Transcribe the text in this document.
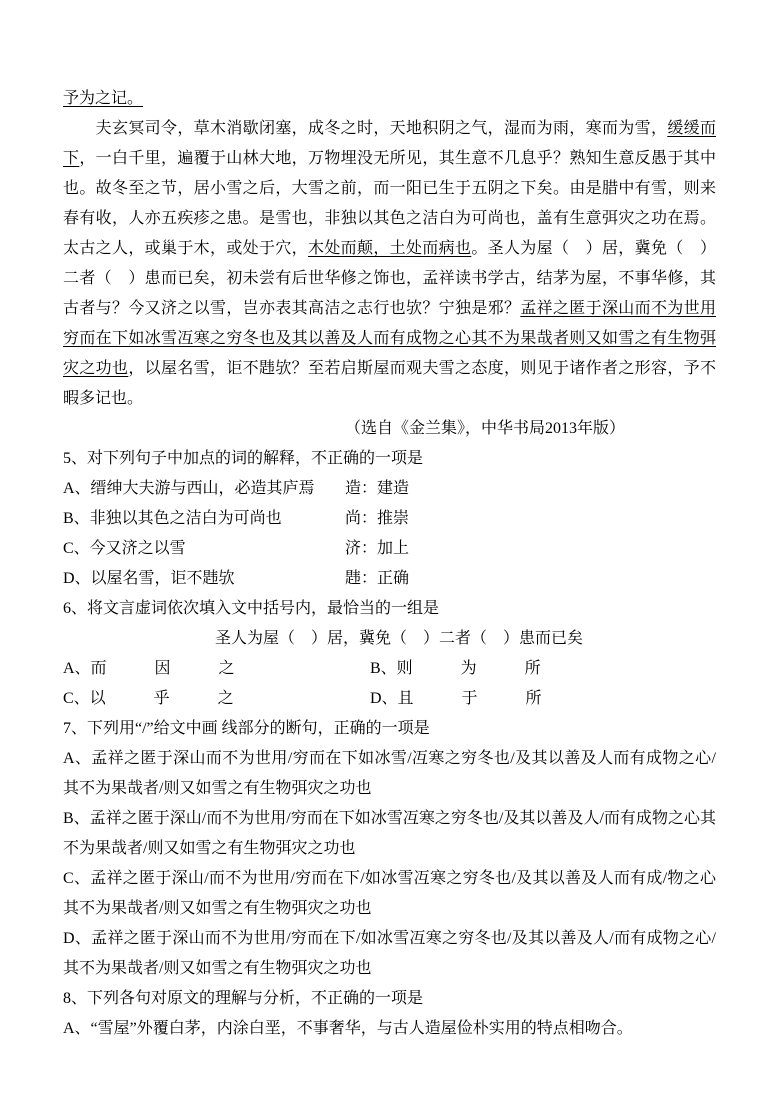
予为之记。

　　夫玄冥司令，草木消歇闭塞，成冬之时，天地积阴之气，湿而为雨，寒而为雪，缓缓而下，一白千里，遍覆于山林大地，万物埋没无所见，其生意不几息乎？熟知生意反愚于其中也。故冬至之节，居小雪之后，大雪之前，而一阳已生于五阴之下矣。由是腊中有雪，则来春有收，人亦五疾疹之患。是雪也，非独以其色之洁白为可尚也，盖有生意弭灾之功在焉。太古之人，或巢于木，或处于穴，木处而颠，土处而病也。圣人为屋（　）居，冀免（　）二者（　）患而已矣，初未尝有后世华修之饰也，孟祥读书学古，结茅为屋，不事华修，其古者与？今又济之以雪，岂亦表其高洁之志行也欤？宁独是邪？孟祥之匿于深山而不为世用穷而在下如冰雪冱寒之穷冬也及其以善及人而有成物之心其不为果哉者则又如雪之有生物弭灾之功也，以屋名雪，讵不韪欤？至若启斯屋而观夫雪之态度，则见于诸作者之形容，予不暇多记也。

（选自《金兰集》，中华书局2013年版）
5、对下列句子中加点的词的解释，不正确的一项是
A、缙绅大夫游与西山，必造其庐焉	造：建造
B、非独以其色之洁白为可尚也	尚：推崇
C、今又济之以雪	济：加上
D、以屋名雪，讵不韪欤	韪：正确
6、将文言虚词依次填入文中括号内，最恰当的一组是
圣人为屋（　）居，冀免（　）二者（　）患而已矣
A、而　　　因　　　之	B、则　　　为　　　所
C、以　　　乎　　　之	D、且　　　于　　　所
7、下列用“/”给文中画 线部分的断句，正确的一项是

A、孟祥之匿于深山而不为世用/穷而在下如冰雪/冱寒之穷冬也/及其以善及人而有成物之心/其不为果哉者/则又如雪之有生物弭灾之功也

B、孟祥之匿于深山/而不为世用/穷而在下如冰雪冱寒之穷冬也/及其以善及人/而有成物之心其不为果哉者/则又如雪之有生物弭灾之功也

C、孟祥之匿于深山/而不为世用/穷而在下/如冰雪冱寒之穷冬也/及其以善及人而有成/物之心其不为果哉者/则又如雪之有生物弭灾之功也

D、孟祥之匿于深山而不为世用/穷而在下/如冰雪冱寒之穷冬也/及其以善及人/而有成物之心/其不为果哉者/则又如雪之有生物弭灾之功也

8、下列各句对原文的理解与分析，不正确的一项是

A、“雪屋”外覆白茅，内涂白垩，不事奢华，与古人造屋俭朴实用的特点相吻合。
